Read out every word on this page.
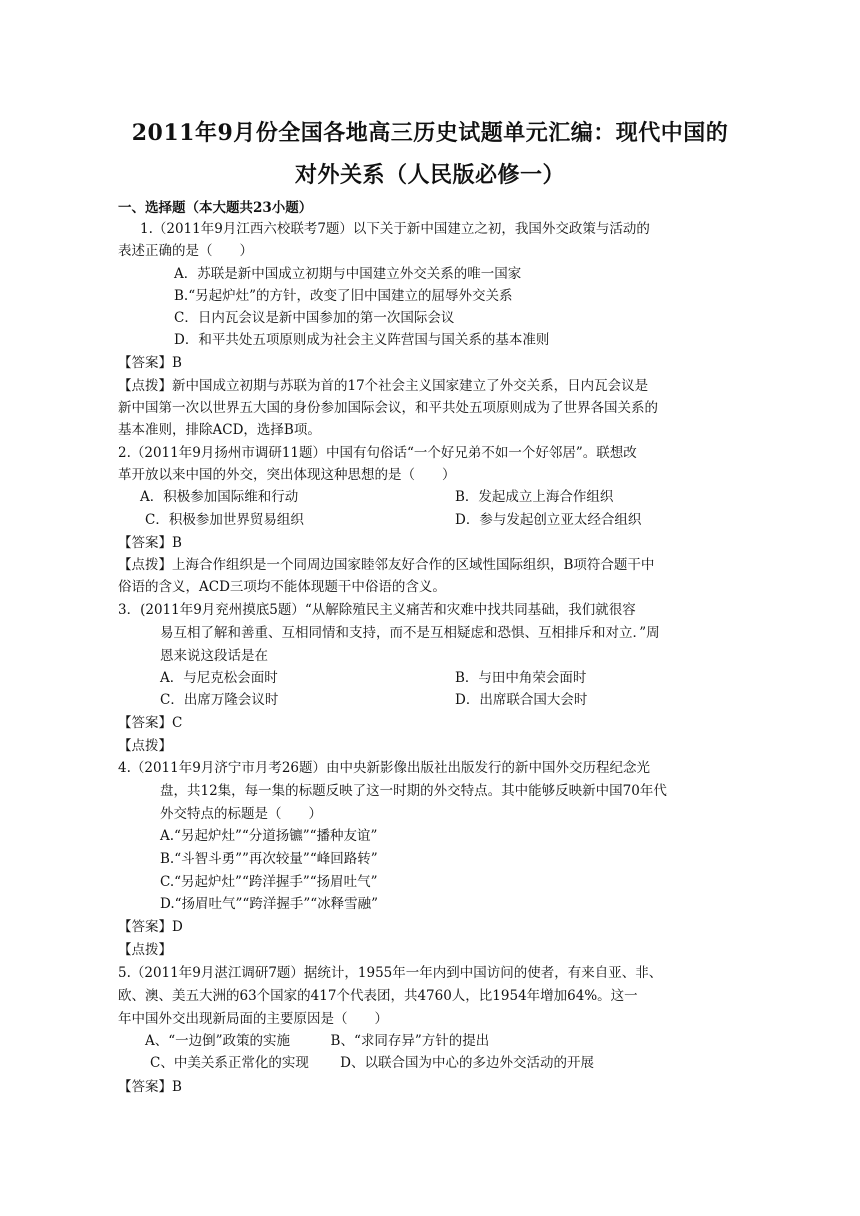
2011年9月份全国各地高三历史试题单元汇编：现代中国的
对外关系（人民版必修一）
一、选择题（本大题共23小题）
1.（2011年9月江西六校联考7题）以下关于新中国建立之初，我国外交政策与活动的
表述正确的是（　　）
A．苏联是新中国成立初期与中国建立外交关系的唯一国家
B.“另起炉灶”的方针，改变了旧中国建立的屈辱外交关系
C．日内瓦会议是新中国参加的第一次国际会议
D．和平共处五项原则成为社会主义阵营国与国关系的基本准则
【答案】B
【点拨】新中国成立初期与苏联为首的17个社会主义国家建立了外交关系，日内瓦会议是
新中国第一次以世界五大国的身份参加国际会议，和平共处五项原则成为了世界各国关系的
基本准则，排除ACD，选择B项。
2.（2011年9月扬州市调研11题）中国有句俗话“一个好兄弟不如一个好邻居”。联想改
革开放以来中国的外交，突出体现这种思想的是（　　）
A．积极参加国际维和行动	B．发起成立上海合作组织
C．积极参加世界贸易组织	D．参与发起创立亚太经合组织
【答案】B
【点拨】上海合作组织是一个同周边国家睦邻友好合作的区域性国际组织，B项符合题干中
俗语的含义，ACD三项均不能体现题干中俗语的含义。
3．(2011年9月兖州摸底5题）“从解除殖民主义痛苦和灾难中找共同基础，我们就很容
易互相了解和善重、互相同情和支持，而不是互相疑虑和恐惧、互相排斥和对立．”周
恩来说这段话是在
A．与尼克松会面时	B．与田中角荣会面时
C．出席万隆会议时	D．出席联合国大会时
【答案】C
【点拨】
4.（2011年9月济宁市月考26题）由中央新影像出版社出版发行的新中国外交历程纪念光
盘，共12集，每一集的标题反映了这一时期的外交特点。其中能够反映新中国70年代
外交特点的标题是（　　）
A.“另起炉灶”“分道扬镳”“播种友谊”
B.“斗智斗勇””再次较量”“峰回路转”
C.“另起炉灶”“跨洋握手”“扬眉吐气”
D.“扬眉吐气”“跨洋握手”“冰释雪融”
【答案】D
【点拨】
5.（2011年9月湛江调研7题）据统计，1955年一年内到中国访问的使者，有来自亚、非、
欧、澳、美五大洲的63个国家的417个代表团，共4760人，比1954年增加64%。这一
年中国外交出现新局面的主要原因是（　　）
A、“一边倒”政策的实施　　　B、“求同存异”方针的提出
C、中美关系正常化的实现　　 D、以联合国为中心的多边外交活动的开展
【答案】B
